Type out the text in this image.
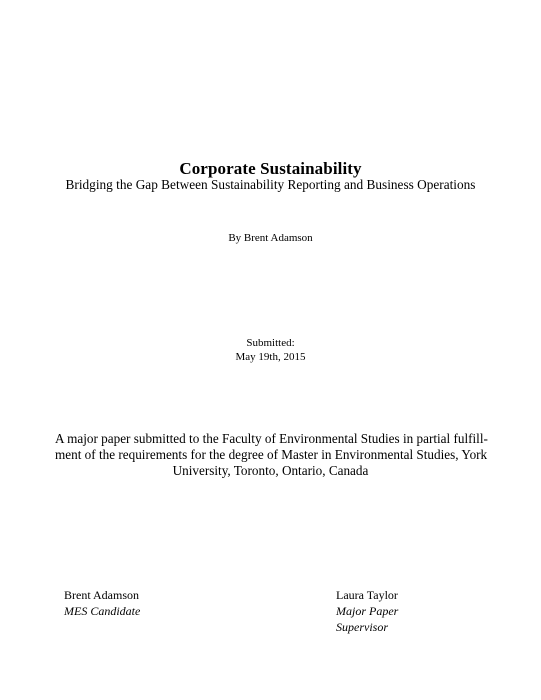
Corporate Sustainability
Bridging the Gap Between Sustainability Reporting and Business Operations
By Brent Adamson
Submitted:
May 19th, 2015
A major paper submitted to the Faculty of Environmental Studies in partial fulfill-
ment of the requirements for the degree of Master in Environmental Studies, York
University, Toronto, Ontario, Canada
Brent Adamson
MES Candidate
Laura Taylor
Major Paper
Supervisor
